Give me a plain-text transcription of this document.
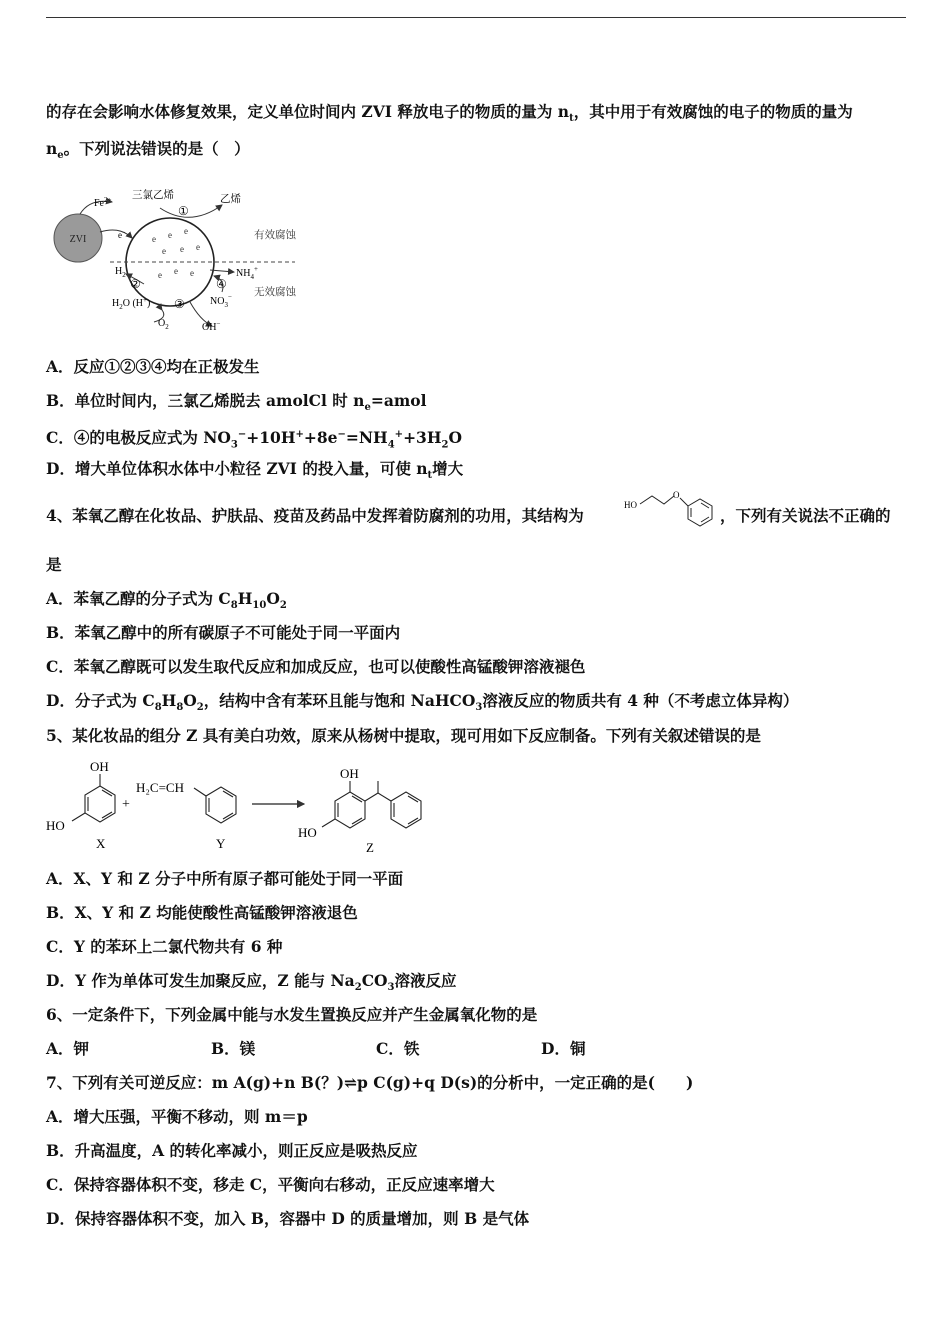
的存在会影响水体修复效果，定义单位时间内 ZVI 释放电子的物质的量为 $n_t$，其中用于有效腐蚀的电子的物质的量为
$n_e$。下列说法错误的是（　）
ZVI
$Fe^{2+}$
e−
三氯乙烯
①
乙烯
有效腐蚀
无效腐蚀
e e e
e e e
e e e
$H_2$
②
$H_2O$ (H+) ③
$O_2$	OH−
$NH_4^+$
④
$NO_3^-$
A．反应①②③④均在正极发生
B．单位时间内，三氯乙烯脱去 amolCl 时 $n_e=amol$
C．④的电极反应式为 $NO_3^-+10H^++8e^-=NH_4^++3H_2O$
D．增大单位体积水体中小粒径 ZVI 的投入量，可使 $n_t$增大
4、苯氧乙醇在化妆品、护肤品、疫苗及药品中发挥着防腐剂的功用，其结构为
HO
O
，下列有关说法不正确的
是
A．苯氧乙醇的分子式为 $C_8H_{10}O_2$
B．苯氧乙醇中的所有碳原子不可能处于同一平面内
C．苯氧乙醇既可以发生取代反应和加成反应，也可以使酸性高锰酸钾溶液褪色
D．分子式为 $C_8H_8O_2$，结构中含有苯环且能与饱和 NaHCO$_3$溶液反应的物质共有 4 种（不考虑立体异构）
5、某化妆品的组分 Z 具有美白功效，原来从杨树中提取，现可用如下反应制备。下列有关叙述错误的是
OH
HO
X
+
H₂C=CH
Y
OH
HO
Z
A．X、Y 和 Z 分子中所有原子都可能处于同一平面
B．X、Y 和 Z 均能使酸性高锰酸钾溶液退色
C．Y 的苯环上二氯代物共有 6 种
D．Y 作为单体可发生加聚反应，Z 能与 $Na_2CO_3$溶液反应
6、一定条件下，下列金属中能与水发生置换反应并产生金属氧化物的是
A．钾	B．镁	C．铁	D．铜
7、下列有关可逆反应：m A(g)+n B(？)⇌p C(g)+q D(s)的分析中，一定正确的是(　　)
A．增大压强，平衡不移动，则 m＝p
B．升高温度，A 的转化率减小，则正反应是吸热反应
C．保持容器体积不变，移走 C，平衡向右移动，正反应速率增大
D．保持容器体积不变，加入 B，容器中 D 的质量增加，则 B 是气体
